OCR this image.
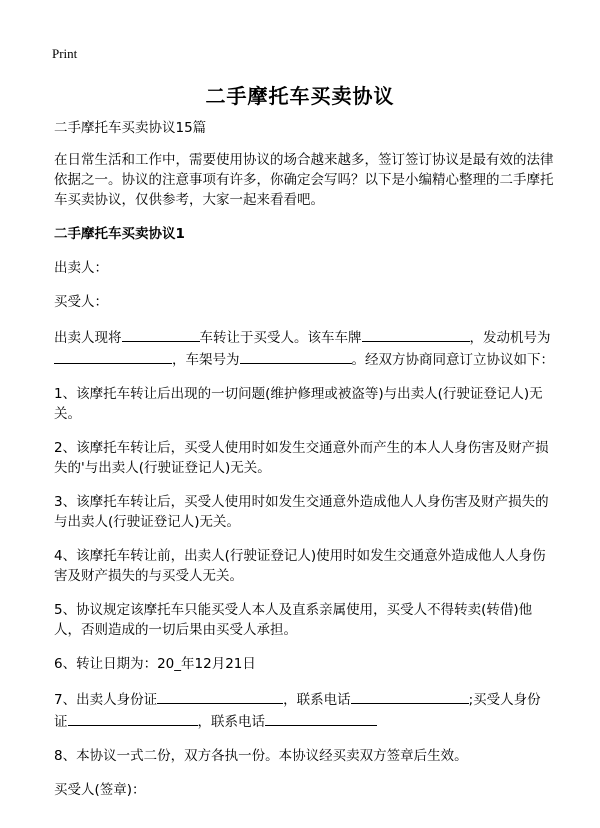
Print
二手摩托车买卖协议

二手摩托车买卖协议15篇

在日常生活和工作中，需要使用协议的场合越来越多，签订签订协议是最有效的法律依据之一。协议的注意事项有许多，你确定会写吗？以下是小编精心整理的二手摩托车买卖协议，仅供参考，大家一起来看看吧。

二手摩托车买卖协议1

出卖人：

买受人：

出卖人现将	车转让于买受人。该车车牌	，发动机号为，车架号为	。经双方协商同意订立协议如下：

1、该摩托车转让后出现的一切问题(维护修理或被盗等)与出卖人(行驶证登记人)无关。

2、该摩托车转让后，买受人使用时如发生交通意外而产生的本人人身伤害及财产损失的'与出卖人(行驶证登记人)无关。

3、该摩托车转让后，买受人使用时如发生交通意外造成他人人身伤害及财产损失的与出卖人(行驶证登记人)无关。

4、该摩托车转让前，出卖人(行驶证登记人)使用时如发生交通意外造成他人人身伤害及财产损失的与买受人无关。

5、协议规定该摩托车只能买受人本人及直系亲属使用，买受人不得转卖(转借)他人，否则造成的一切后果由买受人承担。

6、转让日期为：20_年12月21日

7、出卖人身份证	，联系电话	;买受人身份证	，联系电话

8、本协议一式二份，双方各执一份。本协议经买卖双方签章后生效。

买受人(签章)：
